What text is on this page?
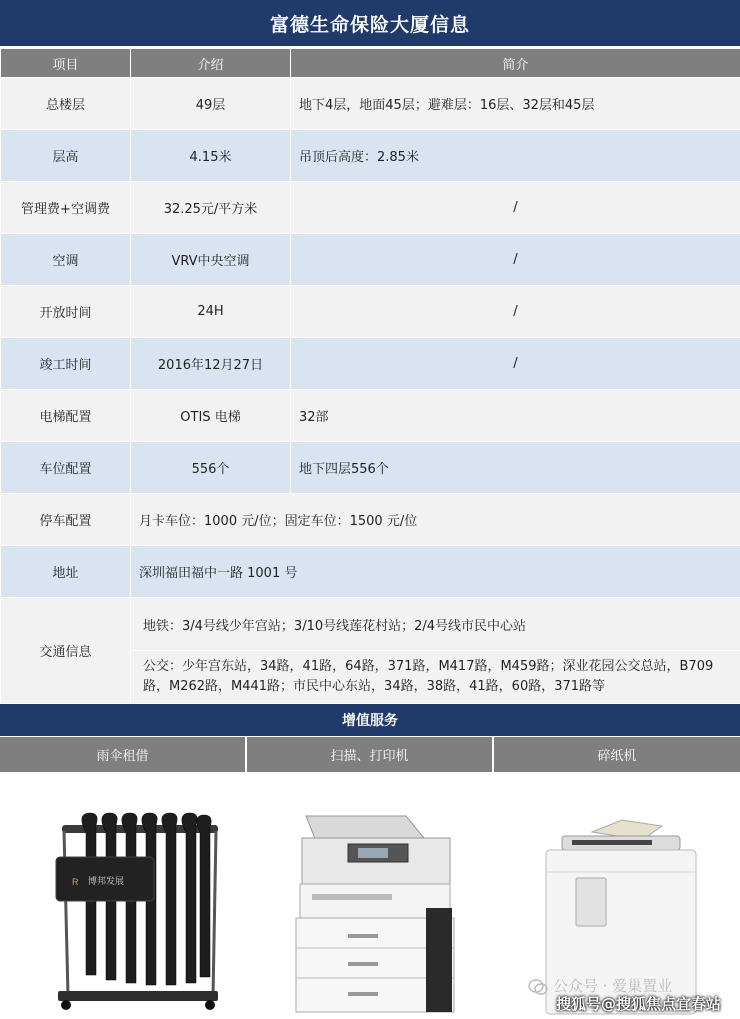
富德生命保险大厦信息
项目	介绍	简介
总楼层	49层	地下4层，地面45层；避难层：16层、32层和45层
层高	4.15米	吊顶后高度：2.85米
管理费+空调费	32.25元/平方米	/
空调	VRV中央空调	/
开放时间	24H	/
竣工时间	2016年12月27日	/
电梯配置	OTIS 电梯	32部
车位配置	556个	地下四层556个
停车配置	月卡车位：1000 元/位；固定车位：1500 元/位	
地址	深圳福田福中一路 1001 号	
交通信息	地铁：3/4号线少年宫站；3/10号线莲花村站；2/4号线市民中心站
公交：少年宫东站，34路，41路，64路，371路，M417路，M459路；深业花园公交总站，B709路，M262路，M441路；市民中心东站，34路，38路，41路，60路，371路等	
增值服务
雨伞租借	扫描、打印机	碎纸机
R 博邦发展
公众号 · 爱巢置业
搜狐号@搜狐焦点宜春站
